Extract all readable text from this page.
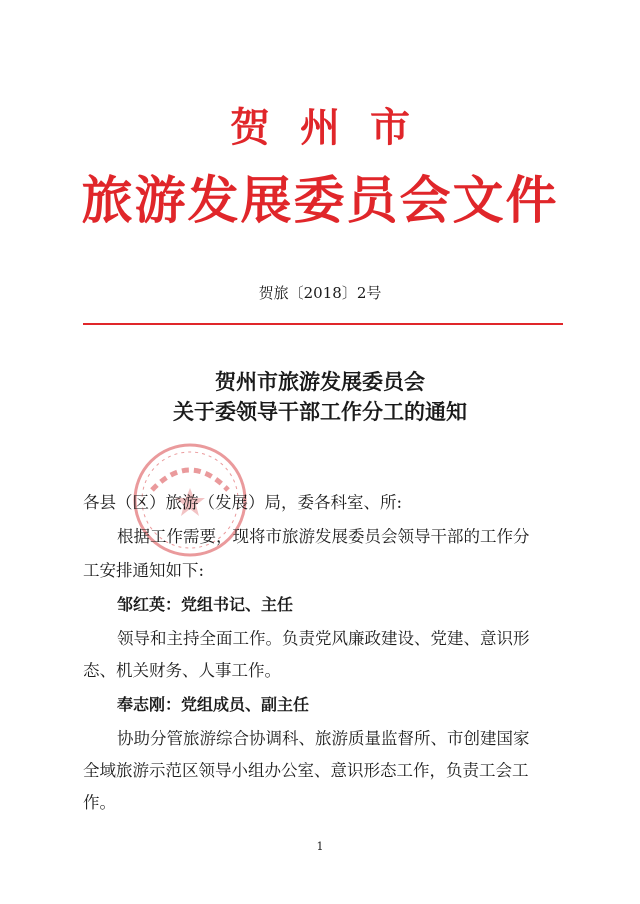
贺州市
旅游发展委员会文件
贺旅〔2018〕2号
贺州市旅游发展委员会
关于委领导干部工作分工的通知
各县（区）旅游（发展）局，委各科室、所:
根据工作需要，现将市旅游发展委员会领导干部的工作分
工安排通知如下:
邹红英：党组书记、主任
领导和主持全面工作。负责党风廉政建设、党建、意识形
态、机关财务、人事工作。
奉志刚：党组成员、副主任
协助分管旅游综合协调科、旅游质量监督所、市创建国家
全域旅游示范区领导小组办公室、意识形态工作，负责工会工
作。
1
